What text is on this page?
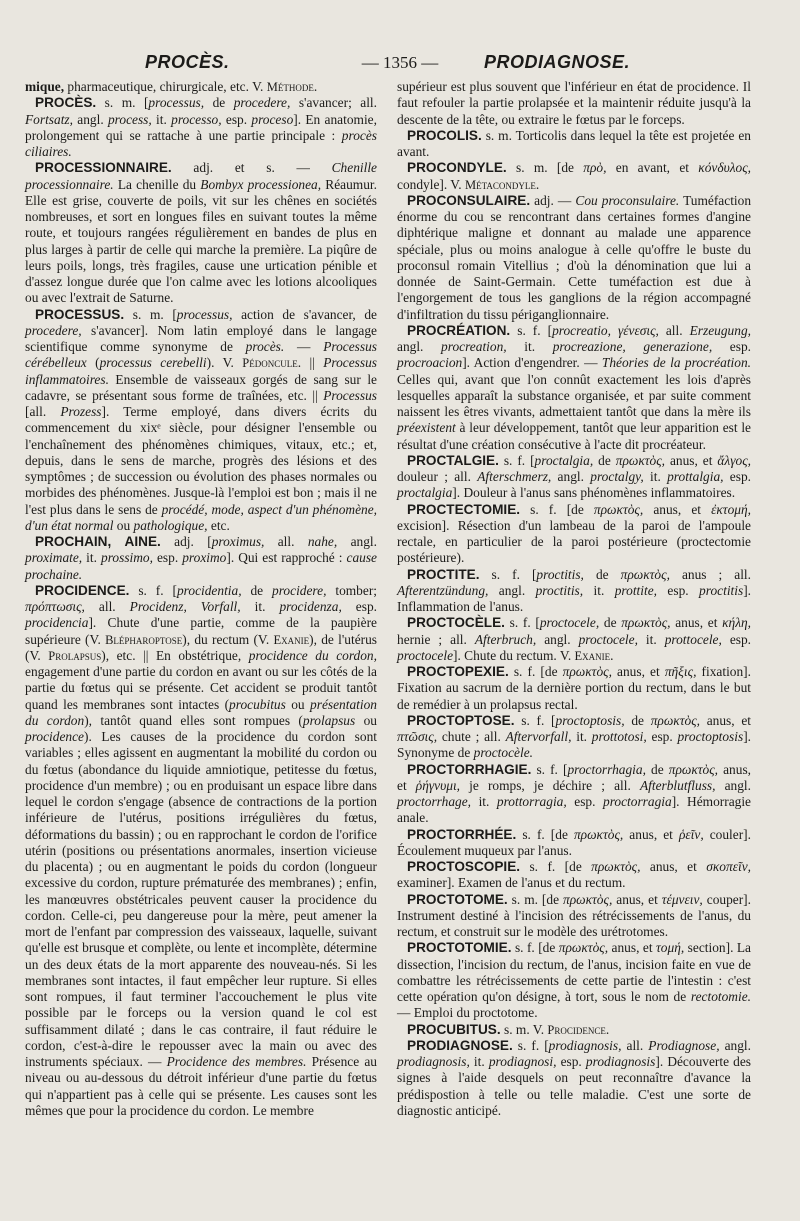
PROCÈS.	— 1356 —	PRODIAGNOSE.

mique, pharmaceutique, chirurgicale, etc. V. Méthode.

PROCÈS. s. m. [processus, de procedere, s'avancer; all. Fortsatz, angl. process, it. processo, esp. proceso]. En anatomie, prolongement qui se rattache à une partie principale : procès ciliaires.

PROCESSIONNAIRE. adj. et s. — Chenille processionnaire. La chenille du Bombyx processionea, Réaumur. Elle est grise, couverte de poils, vit sur les chênes en sociétés nombreuses, et sort en longues files en suivant toutes la même route, et toujours rangées régulièrement en bandes de plus en plus larges à partir de celle qui marche la première. La piqûre de leurs poils, longs, très fragiles, cause une urtication pénible et d'assez longue durée que l'on calme avec les lotions alcooliques ou avec l'extrait de Saturne.

PROCESSUS. s. m. [processus, action de s'avancer, de procedere, s'avancer]. Nom latin employé dans le langage scientifique comme synonyme de procès. — Processus cérébelleux (processus cerebelli). V. Pédoncule. || Processus inflammatoires. Ensemble de vaisseaux gorgés de sang sur le cadavre, se présentant sous forme de traînées, etc. || Processus [all. Prozess]. Terme employé, dans divers écrits du commencement du xixᵉ siècle, pour désigner l'ensemble ou l'enchaînement des phénomènes chimiques, vitaux, etc.; et, depuis, dans le sens de marche, progrès des lésions et des symptômes ; de succession ou évolution des phases normales ou morbides des phénomènes. Jusque-là l'emploi est bon ; mais il ne l'est plus dans le sens de procédé, mode, aspect d'un phénomène, d'un état normal ou pathologique, etc.

PROCHAIN, AINE. adj. [proximus, all. nahe, angl. proximate, it. prossimo, esp. proximo]. Qui est rapproché : cause prochaine.

PROCIDENCE. s. f. [procidentia, de procidere, tomber; πρόπτωσις, all. Procidenz, Vorfall, it. procidenza, esp. procidencia]. Chute d'une partie, comme de la paupière supérieure (V. Blépharoptose), du rectum (V. Exanie), de l'utérus (V. Prolapsus), etc. || En obstétrique, procidence du cordon, engagement d'une partie du cordon en avant ou sur les côtés de la partie du fœtus qui se présente. Cet accident se produit tantôt quand les membranes sont intactes (procubitus ou présentation du cordon), tantôt quand elles sont rompues (prolapsus ou procidence). Les causes de la procidence du cordon sont variables ; elles agissent en augmentant la mobilité du cordon ou du fœtus (abondance du liquide amniotique, petitesse du fœtus, procidence d'un membre) ; ou en produisant un espace libre dans lequel le cordon s'engage (absence de contractions de la portion inférieure de l'utérus, positions irrégulières du fœtus, déformations du bassin) ; ou en rapprochant le cordon de l'orifice utérin (positions ou présentations anormales, insertion vicieuse du placenta) ; ou en augmentant le poids du cordon (longueur excessive du cordon, rupture prématurée des membranes) ; enfin, les manœuvres obstétricales peuvent causer la procidence du cordon. Celle-ci, peu dangereuse pour la mère, peut amener la mort de l'enfant par compression des vaisseaux, laquelle, suivant qu'elle est brusque et complète, ou lente et incomplète, détermine un des deux états de la mort apparente des nouveau-nés. Si les membranes sont intactes, il faut empêcher leur rupture. Si elles sont rompues, il faut terminer l'accouchement le plus vite possible par le forceps ou la version quand le col est suffisamment dilaté ; dans le cas contraire, il faut réduire le cordon, c'est-à-dire le repousser avec la main ou avec des instruments spéciaux. — Procidence des membres. Présence au niveau ou au-dessous du détroit inférieur d'une partie du fœtus qui n'appartient pas à celle qui se présente. Les causes sont les mêmes que pour la procidence du cordon. Le membre

supérieur est plus souvent que l'inférieur en état de procidence. Il faut refouler la partie prolapsée et la maintenir réduite jusqu'à la descente de la tête, ou extraire le fœtus par le forceps.

PROCOLIS. s. m. Torticolis dans lequel la tête est projetée en avant.

PROCONDYLE. s. m. [de πρὸ, en avant, et κόνδυλος, condyle]. V. Métacondyle.

PROCONSULAIRE. adj. — Cou proconsulaire. Tuméfaction énorme du cou se rencontrant dans certaines formes d'angine diphtérique maligne et donnant au malade une apparence spéciale, plus ou moins analogue à celle qu'offre le buste du proconsul romain Vitellius ; d'où la dénomination que lui a donnée de Saint-Germain. Cette tuméfaction est due à l'engorgement de tous les ganglions de la région accompagné d'infiltration du tissu périganglionnaire.

PROCRÉATION. s. f. [procreatio, γένεσις, all. Erzeugung, angl. procreation, it. procreazione, generazione, esp. procroacion]. Action d'engendrer. — Théories de la procréation. Celles qui, avant que l'on connût exactement les lois d'après lesquelles apparaît la substance organisée, et par suite comment naissent les êtres vivants, admettaient tantôt que dans la mère ils préexistent à leur développement, tantôt que leur apparition est le résultat d'une création consécutive à l'acte dit procréateur.

PROCTALGIE. s. f. [proctalgia, de πρωκτὸς, anus, et ἄλγος, douleur ; all. Afterschmerz, angl. proctalgy, it. prottalgia, esp. proctalgia]. Douleur à l'anus sans phénomènes inflammatoires.

PROCTECTOMIE. s. f. [de πρωκτὸς, anus, et ἐκτομή, excision]. Résection d'un lambeau de la paroi de l'ampoule rectale, en particulier de la paroi postérieure (proctectomie postérieure).

PROCTITE. s. f. [proctitis, de πρωκτὸς, anus ; all. Afterentzündung, angl. proctitis, it. prottite, esp. proctitis]. Inflammation de l'anus.

PROCTOCÈLE. s. f. [proctocele, de πρωκτὸς, anus, et κήλη, hernie ; all. Afterbruch, angl. proctocele, it. prottocele, esp. proctocele]. Chute du rectum. V. Exanie.

PROCTOPEXIE. s. f. [de πρωκτὸς, anus, et πῆξις, fixation]. Fixation au sacrum de la dernière portion du rectum, dans le but de remédier à un prolapsus rectal.

PROCTOPTOSE. s. f. [proctoptosis, de πρωκτὸς, anus, et πτῶσις, chute ; all. Aftervorfall, it. prottotosi, esp. proctoptosis]. Synonyme de proctocèle.

PROCTORRHAGIE. s. f. [proctorrhagia, de πρωκτὸς, anus, et ῥήγνυμι, je romps, je déchire ; all. Afterblutfluss, angl. proctorrhage, it. prottorragia, esp. proctorragia]. Hémorragie anale.

PROCTORRHÉE. s. f. [de πρωκτὸς, anus, et ῥεῖν, couler]. Écoulement muqueux par l'anus.

PROCTOSCOPIE. s. f. [de πρωκτὸς, anus, et σκοπεῖν, examiner]. Examen de l'anus et du rectum.

PROCTOTOME. s. m. [de πρωκτὸς, anus, et τέμνειν, couper]. Instrument destiné à l'incision des rétrécissements de l'anus, du rectum, et construit sur le modèle des urétrotomes.

PROCTOTOMIE. s. f. [de πρωκτὸς, anus, et τομή, section]. La dissection, l'incision du rectum, de l'anus, incision faite en vue de combattre les rétrécissements de cette partie de l'intestin : c'est cette opération qu'on désigne, à tort, sous le nom de rectotomie. — Emploi du proctotome.

PROCUBITUS. s. m. V. Procidence.

PRODIAGNOSE. s. f. [prodiagnosis, all. Prodiagnose, angl. prodiagnosis, it. prodiagnosi, esp. prodiagnosis]. Découverte des signes à l'aide desquels on peut reconnaître d'avance la prédispostion à telle ou telle maladie. C'est une sorte de diagnostic anticipé.
